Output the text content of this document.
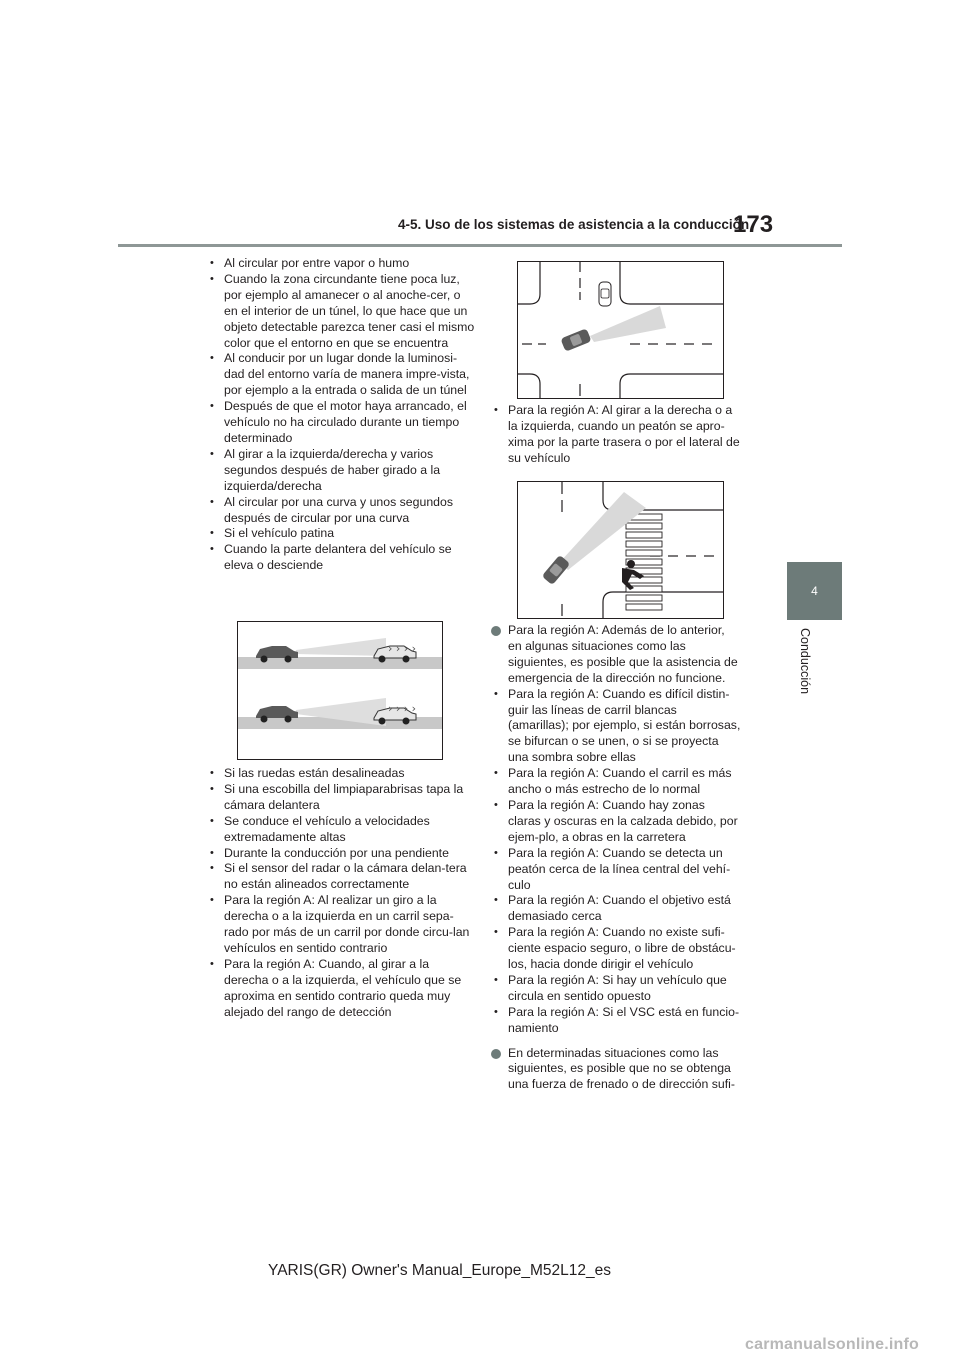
4-5. Uso de los sistemas de asistencia a la conducción
173
4
Conducción
• Al circular por entre vapor o humo
• Cuando la zona circundante tiene poca luz, por ejemplo al amanecer o al anoche-cer, o en el interior de un túnel, lo que hace que un objeto detectable parezca tener casi el mismo color que el entorno en que se encuentra
• Al conducir por un lugar donde la luminosi-dad del entorno varía de manera impre-vista, por ejemplo a la entrada o salida de un túnel
• Después de que el motor haya arrancado, el vehículo no ha circulado durante un tiempo determinado
• Al girar a la izquierda/derecha y varios segundos después de haber girado a la izquierda/derecha
• Al circular por una curva y unos segundos después de circular por una curva
• Si el vehículo patina
• Cuando la parte delantera del vehículo se eleva o desciende
› › › ›
› › › ›
• Si las ruedas están desalineadas
• Si una escobilla del limpiaparabrisas tapa la cámara delantera
• Se conduce el vehículo a velocidades extremadamente altas
• Durante la conducción por una pendiente
• Si el sensor del radar o la cámara delan-tera no están alineados correctamente
• Para la región A: Al realizar un giro a la derecha o a la izquierda en un carril sepa-rado por más de un carril por donde circu-lan vehículos en sentido contrario
• Para la región A: Cuando, al girar a la derecha o a la izquierda, el vehículo que se aproxima en sentido contrario queda muy alejado del rango de detección
• Para la región A: Al girar a la derecha o a la izquierda, cuando un peatón se apro-xima por la parte trasera o por el lateral de su vehículo
Para la región A: Además de lo anterior, en algunas situaciones como las siguientes, es posible que la asistencia de emergencia de la dirección no funcione.
• Para la región A: Cuando es difícil distin-guir las líneas de carril blancas (amarillas); por ejemplo, si están borrosas, se bifurcan o se unen, o si se proyecta una sombra sobre ellas
• Para la región A: Cuando el carril es más ancho o más estrecho de lo normal
• Para la región A: Cuando hay zonas claras y oscuras en la calzada debido, por ejem-plo, a obras en la carretera
• Para la región A: Cuando se detecta un peatón cerca de la línea central del vehí-culo
• Para la región A: Cuando el objetivo está demasiado cerca
• Para la región A: Cuando no existe sufi-ciente espacio seguro, o libre de obstácu-los, hacia donde dirigir el vehículo
• Para la región A: Si hay un vehículo que circula en sentido opuesto
• Para la región A: Si el VSC está en funcio-namiento
En determinadas situaciones como las siguientes, es posible que no se obtenga una fuerza de frenado o de dirección sufi-
YARIS(GR) Owner's Manual_Europe_M52L12_es
carmanualsonline.info
